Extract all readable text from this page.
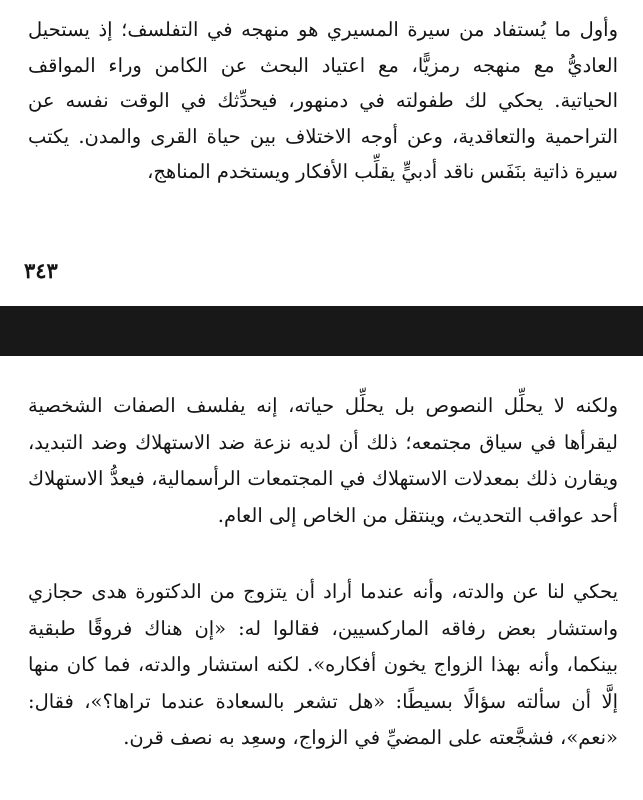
وأول ما يُستفاد من سيرة المسيري هو منهجه في التفلسف؛ إذ يستحيل العاديُّ مع منهجه رمزيًّا، مع اعتياد البحث عن الكامن وراء المواقف الحياتية. يحكي لك طفولته في دمنهور، فيحدِّثك في الوقت نفسه عن التراحمية والتعاقدية، وعن أوجه الاختلاف بين حياة القرى والمدن. يكتب سيرة ذاتية بنَفَس ناقد أدبيٍّ يقلِّب الأفكار ويستخدم المناهج،

٣٤٣

ولكنه لا يحلِّل النصوص بل يحلِّل حياته، إنه يفلسف الصفات الشخصية ليقرأها في سياق مجتمعه؛ ذلك أن لديه نزعة ضد الاستهلاك وضد التبديد، ويقارن ذلك بمعدلات الاستهلاك في المجتمعات الرأسمالية، فيعدُّ الاستهلاك أحد عواقب التحديث، وينتقل من الخاص إلى العام.

يحكي لنا عن والدته، وأنه عندما أراد أن يتزوج من الدكتورة هدى حجازي واستشار بعض رفاقه الماركسيين، فقالوا له: «إن هناك فروقًا طبقية بينكما، وأنه بهذا الزواج يخون أفكاره». لكنه استشار والدته، فما كان منها إلَّا أن سألته سؤالًا بسيطًا: «هل تشعر بالسعادة عندما تراها؟»، فقال: «نعم»، فشجَّعته على المضيِّ في الزواج، وسعِد به نصف قرن.
